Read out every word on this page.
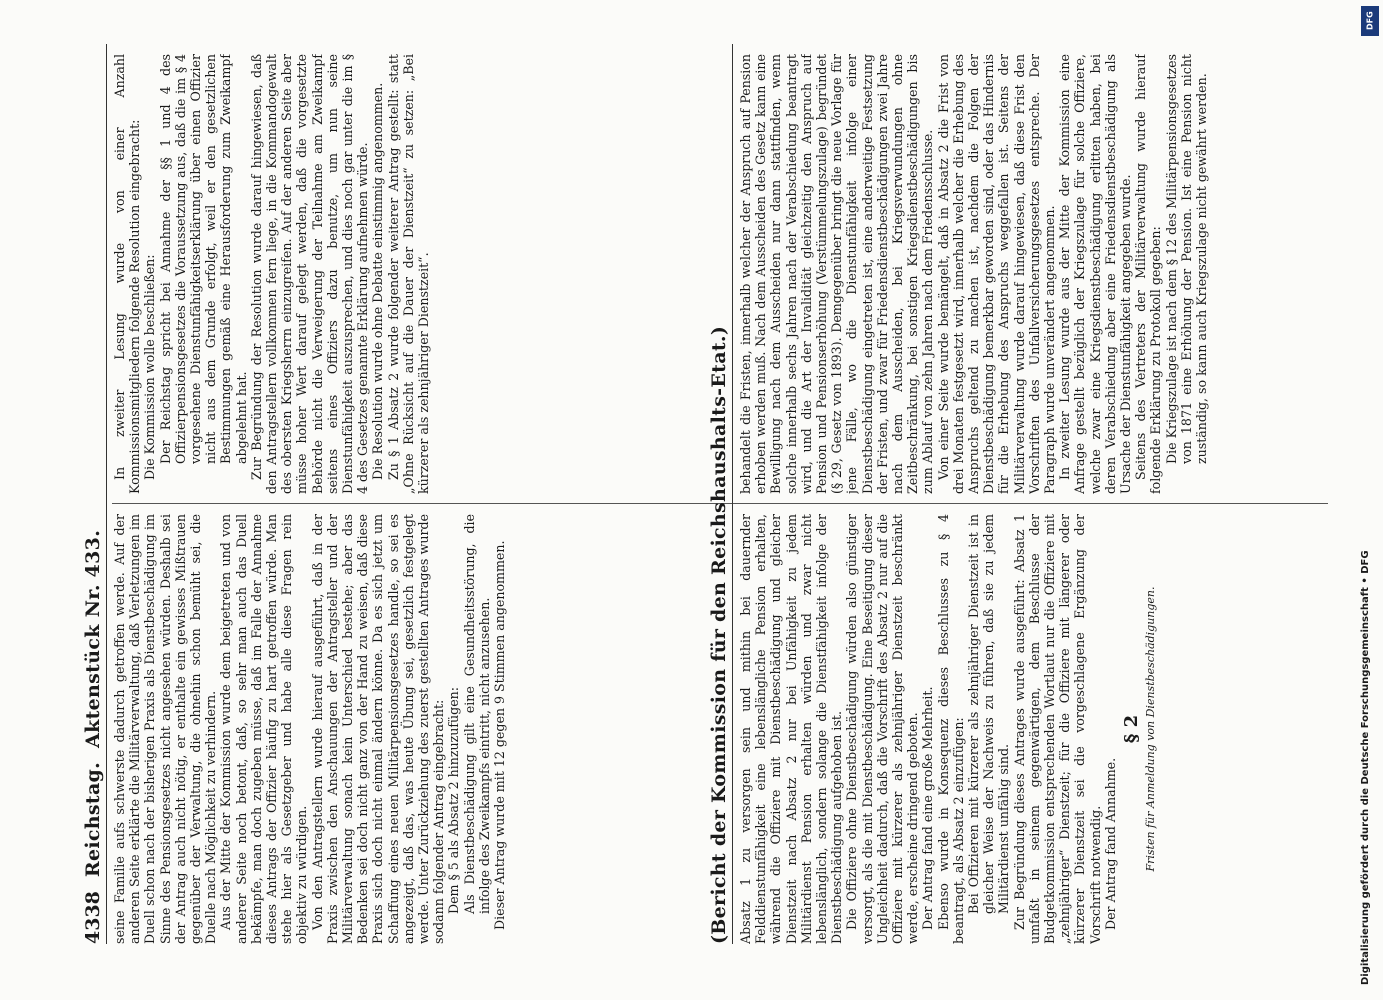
4338
Reichstag.
Aktenstück Nr. 433. seine Familie aufs schwerste dadurch getroffen werde. Auf der anderen Seite erklärte die Militärverwaltung, daß Verletzungen im Duell schon nach der bisherigen Praxis als Dienstbeschädigung im Sinne des Pensionsgesetzes nicht angesehen würden. Deshalb sei der Antrag auch nicht nötig, er enthalte ein gewisses Mißtrauen gegenüber der Verwaltung, die ohnehin schon bemüht sei, die Duelle nach Möglichkeit zu verhindern. Aus der Mitte der Kommission wurde dem beigetreten und von anderer Seite noch betont, daß, so sehr man auch das Duell bekämpfe, man doch zugeben müsse, daß im Falle der Annahme dieses Antrags der Offizier häufig zu hart getroffen würde. Man stehe hier als Gesetzgeber und habe alle diese Fragen rein objektiv zu würdigen. Von den Antragstellern wurde hierauf ausgeführt, daß in der Praxis zwischen den Anschauungen der Antragsteller und der Militärverwaltung sonach kein Unterschied bestehe; aber das Bedenken sei doch nicht ganz von der Hand zu weisen, daß diese Praxis sich doch nicht einmal ändern könne. Da es sich jetzt um Schaffung eines neuen Militärpensionsgesetzes handle, so sei es angezeigt, daß das, was heute Übung sei, gesetzlich festgelegt werde. Unter Zurückziehung des zuerst gestellten Antrages wurde sodann folgender Antrag eingebracht: Dem § 5 als Absatz 2 hinzuzufügen: Als Dienstbeschädigung gilt eine Gesundheitsstörung, die infolge des Zweikampfs eintritt, nicht anzusehen. Dieser Antrag wurde mit 12 gegen 9 Stimmen angenommen.

In zweiter Lesung wurde von einer Anzahl Kommissionsmitgliedern folgende Resolution eingebracht: Die Kommission wolle beschließen: Der Reichstag spricht bei Annahme der §§ 1 und 4 des Offizierpensionsgesetzes die Voraussetzung aus, daß die im § 4 vorgesehene Dienstunfähigkeitserklärung über einen Offizier nicht aus dem Grunde erfolgt, weil er den gesetzlichen Bestimmungen gemäß eine Herausforderung zum Zweikampf abgelehnt hat. Zur Begründung der Resolution wurde darauf hingewiesen, daß den Antragstellern vollkommen fern liege, in die Kommandogewalt des obersten Kriegsherrn einzugreifen. Auf der anderen Seite aber müsse hoher Wert darauf gelegt werden, daß die vorgesetzte Behörde nicht die Verweigerung der Teilnahme am Zweikampf seitens eines Offiziers dazu benutze, um nun seine Dienstunfähigkeit auszusprechen, und dies noch gar unter die im § 4 des Gesetzes genannte Erklärung aufnehmen würde. Die Resolution wurde ohne Debatte einstimmig angenommen. Zu § 1 Absatz 2 wurde folgender weiterer Antrag gestellt: statt „Ohne Rücksicht auf die Dauer der Dienstzeit“ zu setzen: „Bei kürzerer als zehnjähriger Dienstzeit“.	(Bericht der Kommission für den Reichshaushalts-Etat.) Absatz 1 zu versorgen sein und mithin bei dauernder Felddienstunfähigkeit eine lebenslängliche Pension erhalten, während die Offiziere mit Dienstbeschädigung und gleicher Dienstzeit nach Absatz 2 nur bei Unfähigkeit zu jedem Militärdienst Pension erhalten würden und zwar nicht lebenslänglich, sondern solange die Dienstfähigkeit infolge der Dienstbeschädigung aufgehoben ist. Die Offiziere ohne Dienstbeschädigung würden also günstiger versorgt, als die mit Dienstbeschädigung. Eine Beseitigung dieser Ungleichheit dadurch, daß die Vorschrift des Absatz 2 nur auf die Offiziere mit kürzerer als zehnjähriger Dienstzeit beschränkt werde, erscheine dringend geboten. Der Antrag fand eine große Mehrheit. Ebenso wurde in Konsequenz dieses Beschlusses zu § 4 beantragt, als Absatz 2 einzufügen: Bei Offizieren mit kürzerer als zehnjähriger Dienstzeit ist in gleicher Weise der Nachweis zu führen, daß sie zu jedem Militärdienst unfähig sind. Zur Begründung dieses Antrages wurde ausgeführt: Absatz 1 umfaßt in seinem gegenwärtigen, dem Beschlusse der Budgetkommission entsprechenden Wortlaut nur die Offiziere mit „zehnjähriger“ Dienstzeit; für die Offiziere mit längerer oder kürzerer Dienstzeit sei die vorgeschlagene Ergänzung der Vorschrift notwendig. Der Antrag fand Annahme.

§ 2 Fristen für Anmeldung von Dienstbeschädigungen.

behandelt die Fristen, innerhalb welcher der Anspruch auf Pension erhoben werden muß. Nach dem Ausscheiden des Gesetz kann eine Bewilligung nach dem Ausscheiden nur dann stattfinden, wenn solche innerhalb sechs Jahren nach der Verabschiedung beantragt wird, und die Art der Invalidität gleichzeitig den Anspruch auf Pension und Pensionserhöhung (Verstümmelungszulage) begründet (§ 29, Gesetz von 1893). Demgegenüber bringt die neue Vorlage für jene Fälle, wo die Dienstunfähigkeit infolge einer Dienstbeschädigung eingetreten ist, eine anderweitige Festsetzung der Fristen, und zwar für Friedensdienstbeschädigungen zwei Jahre nach dem Ausscheiden, bei Kriegsverwundungen ohne Zeitbeschränkung, bei sonstigen Kriegsdienstbeschädigungen bis zum Ablauf von zehn Jahren nach dem Friedensschlusse. Von einer Seite wurde bemängelt, daß in Absatz 2 die Frist von drei Monaten festgesetzt wird, innerhalb welcher die Erhebung des Anspruchs geltend zu machen ist, nachdem die Folgen der Dienstbeschädigung bemerkbar geworden sind, oder das Hindernis für die Erhebung des Anspruchs weggefallen ist. Seitens der Militärverwaltung wurde darauf hingewiesen, daß diese Frist den Vorschriften des Unfallversicherungsgesetzes entspreche. Der Paragraph wurde unverändert angenommen. In zweiter Lesung wurde aus der Mitte der Kommission eine Anfrage gestellt bezüglich der Kriegszulage für solche Offiziere, welche zwar eine Kriegsdienstbeschädigung erlitten haben, bei deren Verabschiedung aber eine Friedensdienstbeschädigung als Ursache der Dienstunfähigkeit angegeben wurde. Seitens des Vertreters der Militärverwaltung wurde hierauf folgende Erklärung zu Protokoll gegeben: Die Kriegszulage ist nach dem § 12 des Militärpensionsgesetzes von 1871 eine Erhöhung der Pension. Ist eine Pension nicht zuständig, so kann auch Kriegszulage nicht gewährt werden.

DFG
Digitalisierung gefördert durch die Deutsche Forschungsgemeinschaft • DFG
